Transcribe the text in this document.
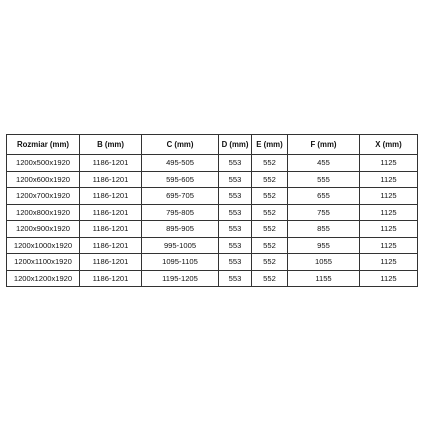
Rozmiar (mm)	B (mm)	C (mm)	D (mm)	E (mm)	F (mm)	X (mm)
1200x500x1920	1186-1201	495-505	553	552	455	1125
1200x600x1920	1186-1201	595-605	553	552	555	1125
1200x700x1920	1186-1201	695-705	553	552	655	1125
1200x800x1920	1186-1201	795-805	553	552	755	1125
1200x900x1920	1186-1201	895-905	553	552	855	1125
1200x1000x1920	1186-1201	995-1005	553	552	955	1125
1200x1100x1920	1186-1201	1095-1105	553	552	1055	1125
1200x1200x1920	1186-1201	1195-1205	553	552	1155	1125
